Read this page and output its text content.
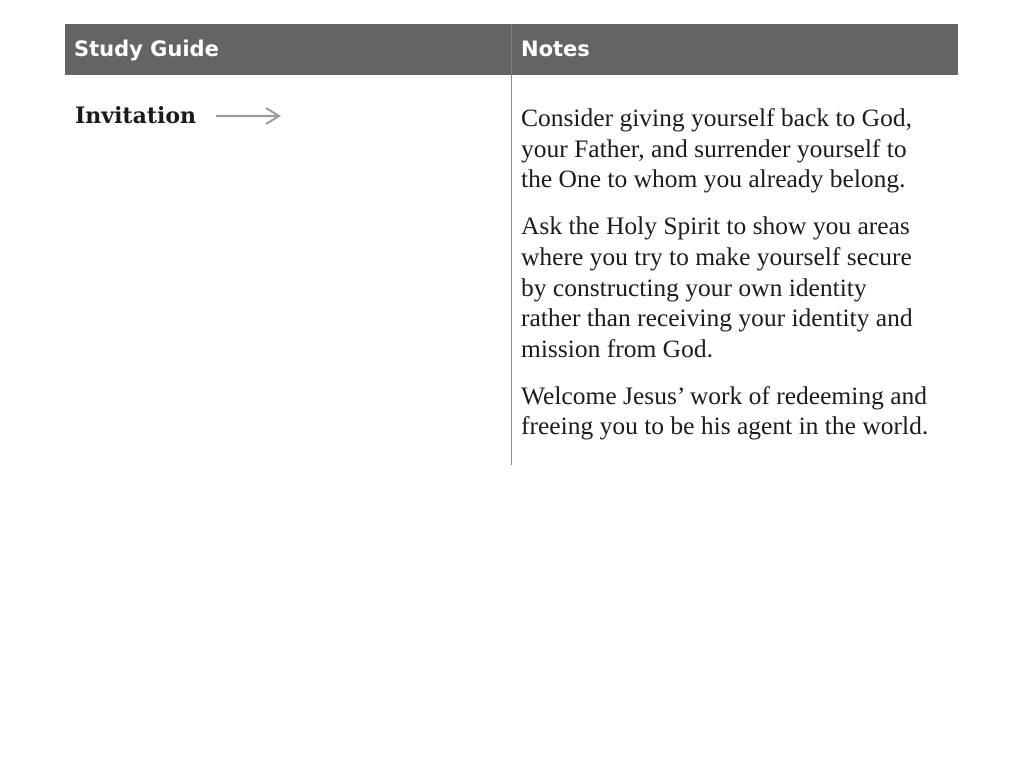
Study Guide	Notes
Invitation	Consider giving yourself back to God,
your Father, and surrender yourself to
the One to whom you already belong.

Ask the Holy Spirit to show you areas
where you try to make yourself secure
by constructing your own identity
rather than receiving your identity and
mission from God.

Welcome Jesus’ work of redeeming and
freeing you to be his agent in the world.
